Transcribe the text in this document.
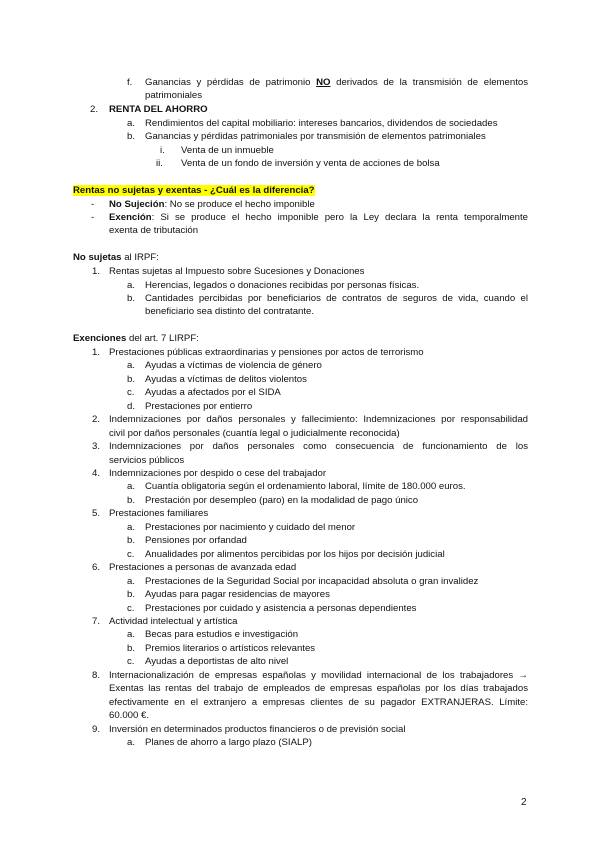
f. Ganancias y pérdidas de patrimonio NO derivados de la transmisión de elementos
patrimoniales
2. RENTA DEL AHORRO
a. Rendimientos del capital mobiliario: intereses bancarios, dividendos de sociedades
b. Ganancias y pérdidas patrimoniales por transmisión de elementos patrimoniales
i. Venta de un inmueble
ii. Venta de un fondo de inversión y venta de acciones de bolsa
Rentas no sujetas y exentas - ¿Cuál es la diferencia?
- No Sujeción: No se produce el hecho imponible
- Exención: Si se produce el hecho imponible pero la Ley declara la renta temporalmente
exenta de tributación
No sujetas al IRPF:
1. Rentas sujetas al Impuesto sobre Sucesiones y Donaciones
a. Herencias, legados o donaciones recibidas por personas físicas.
b. Cantidades percibidas por beneficiarios de contratos de seguros de vida, cuando el
beneficiario sea distinto del contratante.
Exenciones del art. 7 LIRPF:
1. Prestaciones públicas extraordinarias y pensiones por actos de terrorismo
a. Ayudas a víctimas de violencia de género
b. Ayudas a víctimas de delitos violentos
c. Ayudas a afectados por el SIDA
d. Prestaciones por entierro
2. Indemnizaciones por daños personales y fallecimiento: Indemnizaciones por responsabilidad
civil por daños personales (cuantía legal o judicialmente reconocida)
3. Indemnizaciones por daños personales como consecuencia de funcionamiento de los
servicios públicos
4. Indemnizaciones por despido o cese del trabajador
a. Cuantía obligatoria según el ordenamiento laboral, límite de 180.000 euros.
b. Prestación por desempleo (paro) en la modalidad de pago único
5. Prestaciones familiares
a. Prestaciones por nacimiento y cuidado del menor
b. Pensiones por orfandad
c. Anualidades por alimentos percibidas por los hijos por decisión judicial
6. Prestaciones a personas de avanzada edad
a. Prestaciones de la Seguridad Social por incapacidad absoluta o gran invalidez
b. Ayudas para pagar residencias de mayores
c. Prestaciones por cuidado y asistencia a personas dependientes
7. Actividad intelectual y artística
a. Becas para estudios e investigación
b. Premios literarios o artísticos relevantes
c. Ayudas a deportistas de alto nivel
8. Internacionalización de empresas españolas y movilidad internacional de los trabajadores →
Exentas las rentas del trabajo de empleados de empresas españolas por los días trabajados
efectivamente en el extranjero a empresas clientes de su pagador EXTRANJERAS. Límite:
60.000 €.
9. Inversión en determinados productos financieros o de previsión social
a. Planes de ahorro a largo plazo (SIALP)
2
